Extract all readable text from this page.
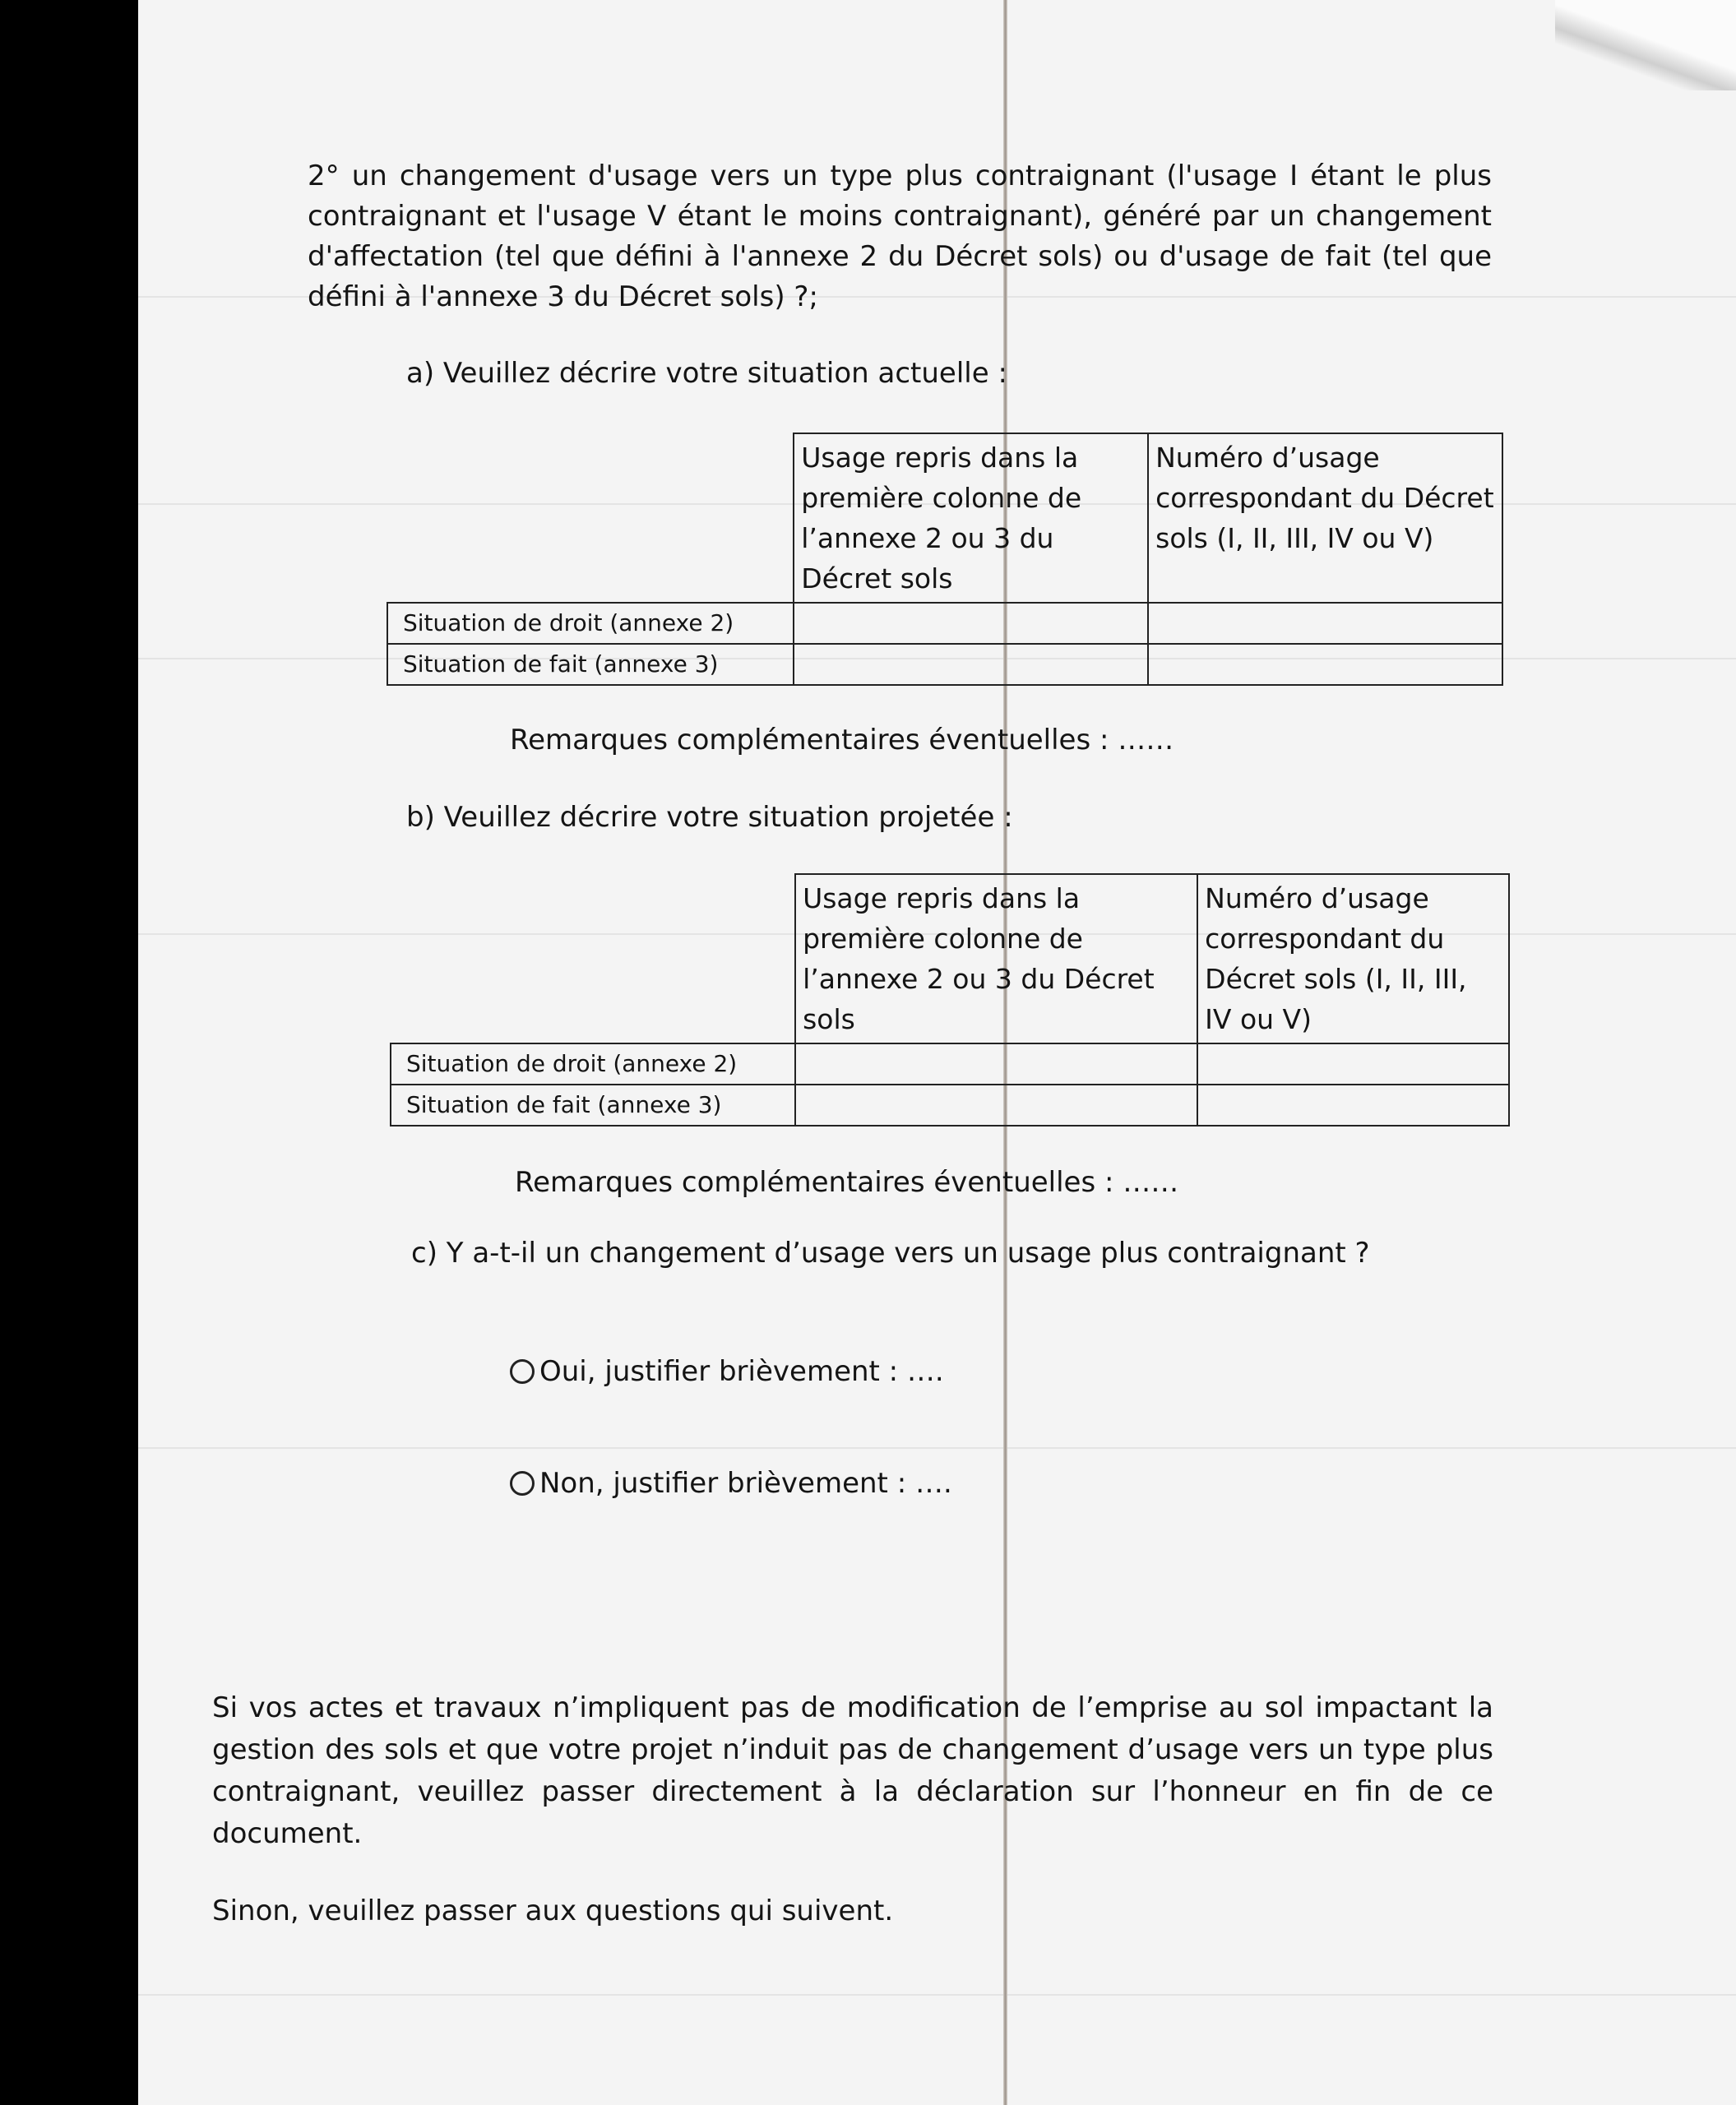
2° un changement d'usage vers un type plus contraignant (l'usage I étant le plus contraignant et l'usage V étant le moins contraignant), généré par un changement d'affectation (tel que défini à l'annexe 2 du Décret sols) ou d'usage de fait (tel que défini à l'annexe 3 du Décret sols) ?;
a) Veuillez décrire votre situation actuelle :
	Usage repris dans la première colonne de l’annexe 2 ou 3 du Décret sols	Numéro d’usage correspondant du Décret sols (I, II, III, IV ou V)
Situation de droit (annexe 2)		
Situation de fait (annexe 3)		
Remarques complémentaires éventuelles : ……
b) Veuillez décrire votre situation projetée :
	Usage repris dans la première colonne de l’annexe 2 ou 3 du Décret sols	Numéro d’usage correspondant du Décret sols (I, II, III, IV ou V)
Situation de droit (annexe 2)		
Situation de fait (annexe 3)		
Remarques complémentaires éventuelles : ……
c) Y a-t-il un changement d’usage vers un usage plus contraignant ?
Oui, justifier brièvement : ….
Non, justifier brièvement : ….
Si vos actes et travaux n’impliquent pas de modification de l’emprise au sol impactant la gestion des sols et que votre projet n’induit pas de changement d’usage vers un type plus contraignant, veuillez passer directement à la déclaration sur l’honneur en fin de ce document.
Sinon, veuillez passer aux questions qui suivent.
